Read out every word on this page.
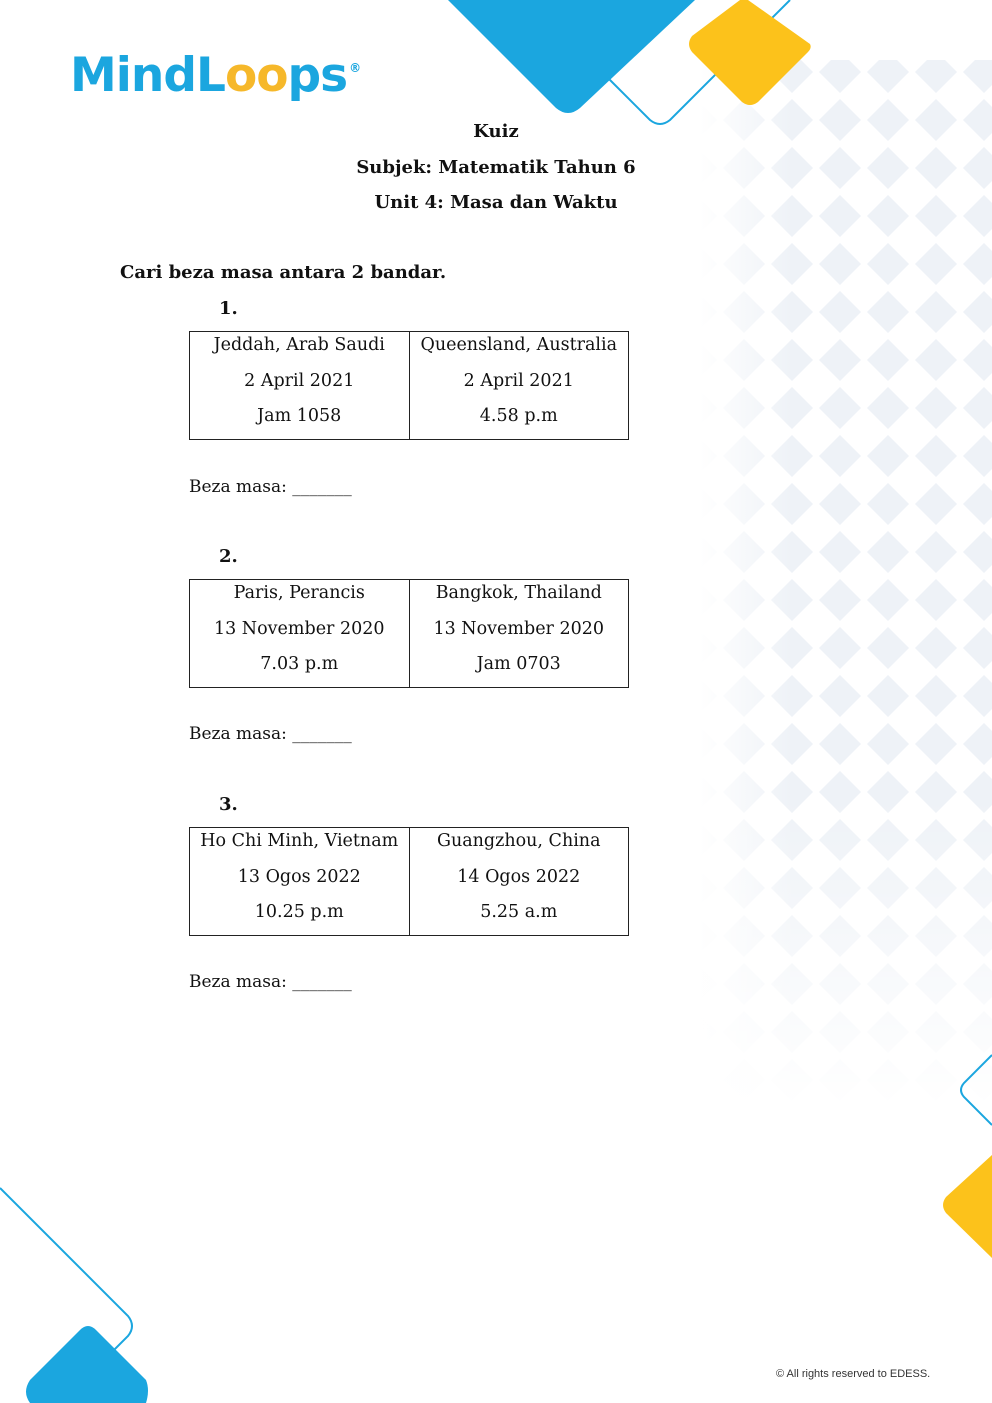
MindLoops ®
Kuiz
Subjek: Matematik Tahun 6
Unit 4: Masa dan Waktu
Cari beza masa antara 2 bandar.
1.
Jeddah, Arab Saudi
2 April 2021
Jam 1058

Queensland, Australia
2 April 2021
4.58 p.m
Beza masa: _______
2.
Paris, Perancis
13 November 2020
7.03 p.m

Bangkok, Thailand
13 November 2020
Jam 0703
Beza masa: _______
3.
Ho Chi Minh, Vietnam
13 Ogos 2022
10.25 p.m

Guangzhou, China
14 Ogos 2022
5.25 a.m
Beza masa: _______
© All rights reserved to EDESS.
